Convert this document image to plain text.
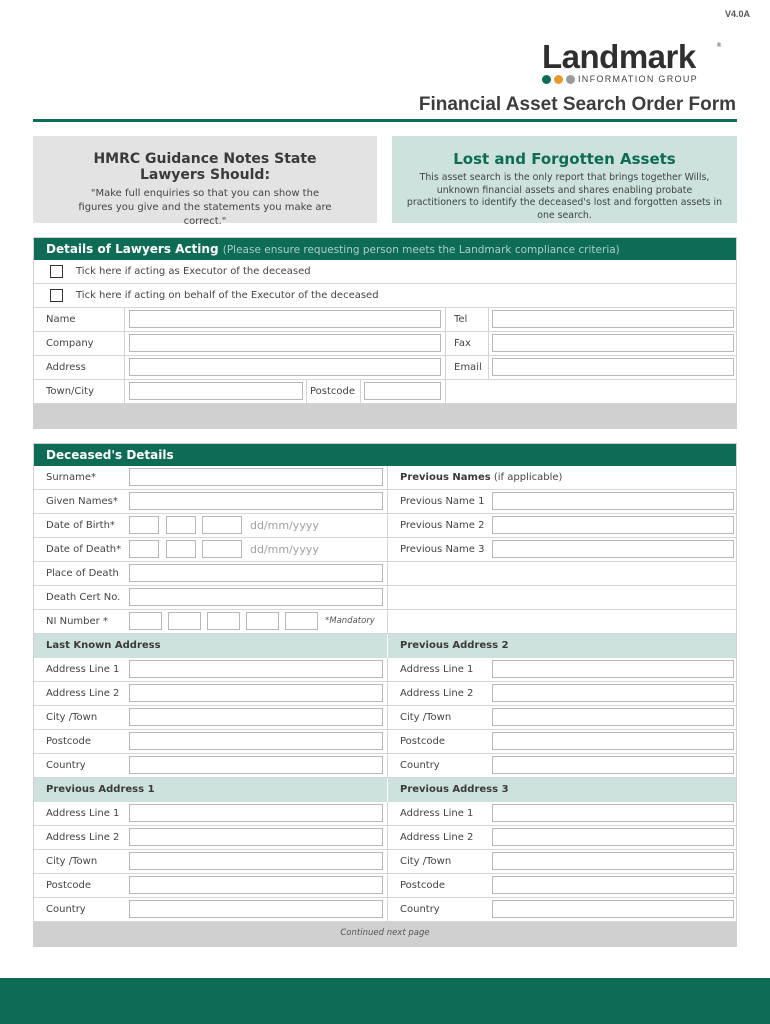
V4.0A
Landmark	®
INFORMATION GROUP
Financial Asset Search Order Form
HMRC Guidance Notes State Lawyers Should:

"Make full enquiries so that you can show the figures you give and the statements you make are correct."

Lost and Forgotten Assets

This asset search is the only report that brings together Wills, unknown financial assets and shares enabling probate practitioners to identify the deceased's lost and forgotten assets in one search.

Details of Lawyers Acting (Please ensure requesting person meets the Landmark compliance criteria)
Tick here if acting as Executor of the deceased
Tick here if acting on behalf of the Executor of the deceased
Name	Tel
Company	Fax
Address	Email
Town/City	Postcode
Deceased's Details
Surname*	Previous Names (if applicable)
Given Names*	Previous Name 1
Date of Birth*	dd/mm/yyyy	Previous Name 2
Date of Death*	dd/mm/yyyy	Previous Name 3
Place of Death
Death Cert No.
NI Number *	*Mandatory
Last Known Address	Previous Address 2
Address Line 1	Address Line 1
Address Line 2	Address Line 2
City /Town	City /Town
Postcode	Postcode
Country	Country
Previous Address 1	Previous Address 3
Address Line 1	Address Line 1
Address Line 2	Address Line 2
City /Town	City /Town
Postcode	Postcode
Country	Country
Continued next page
